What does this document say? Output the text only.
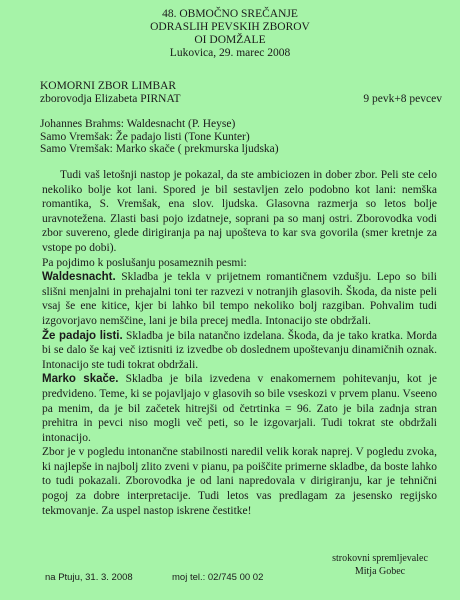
48. OBMOČNO SREČANJE
ODRASLIH PEVSKIH ZBOROV
OI DOMŽALE
Lukovica, 29. marec 2008
KOMORNI ZBOR LIMBAR
zborovodja Elizabeta PIRNAT	9 pevk+8 pevcev
Johannes Brahms: Waldesnacht (P. Heyse)
Samo Vremšak: Že padajo listi (Tone Kunter)
Samo Vremšak: Marko skače ( prekmurska ljudska)

Tudi vaš letošnji nastop je pokazal, da ste ambiciozen in dober zbor. Peli ste celo nekoliko bolje kot lani. Spored je bil sestavljen zelo podobno kot lani: nemška romantika, S. Vremšak, ena slov. ljudska. Glasovna razmerja so letos bolje uravnotežena. Zlasti basi pojo izdatneje, soprani pa so manj ostri. Zborovodka vodi zbor suvereno, glede dirigiranja pa naj upošteva to kar sva govorila (smer kretnje za vstope po dobi).

Pa pojdimo k poslušanju posameznih pesmi:

Waldesnacht. Skladba je tekla v prijetnem romantičnem vzdušju. Lepo so bili slišni menjalni in prehajalni toni ter razvezi v notranjih glasovih. Škoda, da niste peli vsaj še ene kitice, kjer bi lahko bil tempo nekoliko bolj razgiban. Pohvalim tudi izgovorjavo nemščine, lani je bila precej medla. Intonacijo ste obdržali.

Že padajo listi. Skladba je bila natančno izdelana. Škoda, da je tako kratka. Morda bi se dalo še kaj več iztisniti iz izvedbe ob doslednem upoštevanju dinamičnih oznak. Intonacijo ste tudi tokrat obdržali.

Marko skače. Skladba je bila izvedena v enakomernem pohitevanju, kot je predvideno. Teme, ki se pojavljajo v glasovih so bile vseskozi v prvem planu. Vseeno pa menim, da je bil začetek hitrejši od četrtinka = 96. Zato je bila zadnja stran prehitra in pevci niso mogli več peti, so le izgovarjali. Tudi tokrat ste obdržali intonacijo.

Zbor je v pogledu intonančne stabilnosti naredil velik korak naprej. V pogledu zvoka, ki najlepše in najbolj zlito zveni v pianu, pa poiščite primerne skladbe, da boste lahko to tudi pokazali. Zborovodka je od lani napredovala v dirigiranju, kar je tehnični pogoj za dobre interpretacije. Tudi letos vas predlagam za jesensko regijsko tekmovanje. Za uspel nastop iskrene čestitke!

strokovni spremljevalec
Mitja Gobec
na Ptuju, 31. 3. 2008	moj tel.: 02/745 00 02
